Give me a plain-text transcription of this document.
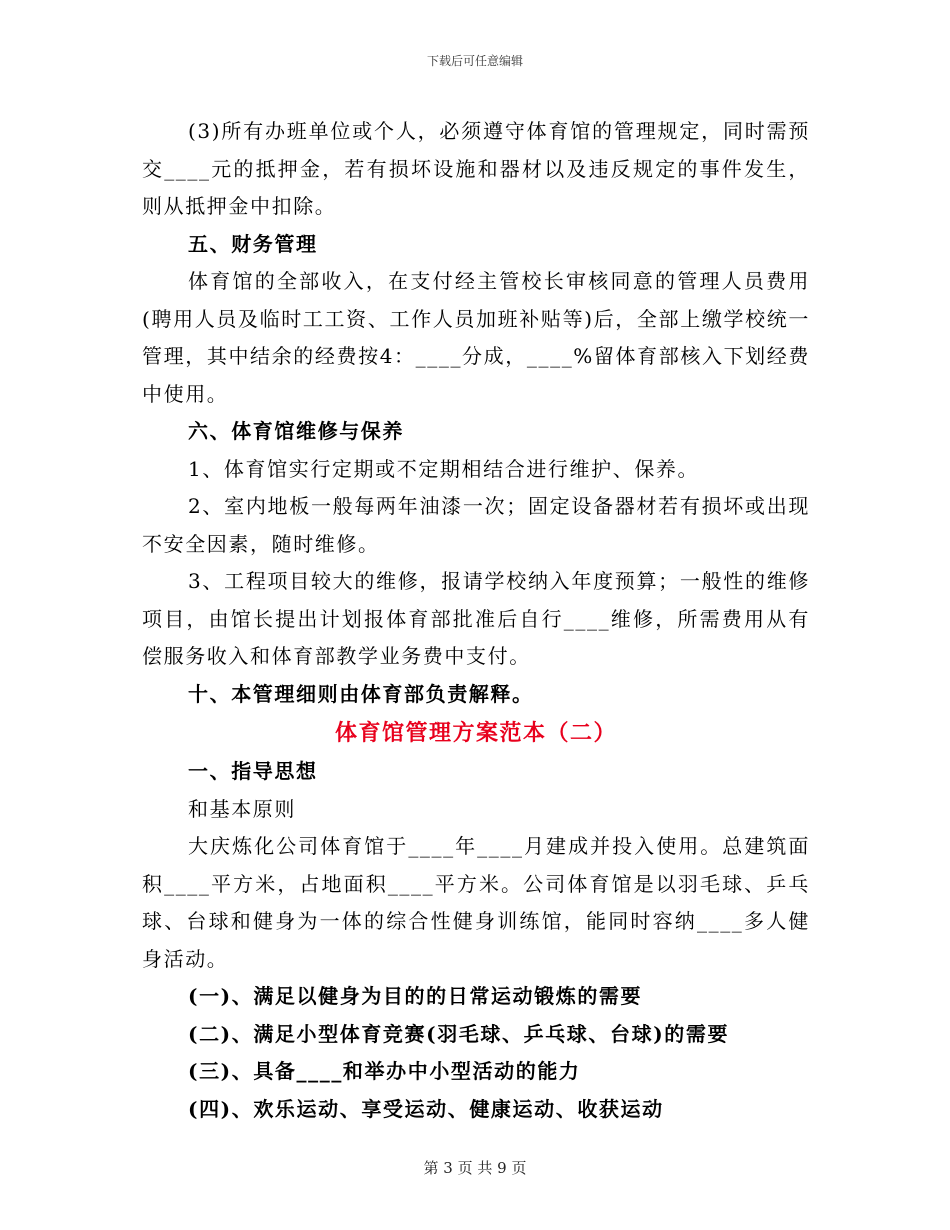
下载后可任意编辑

(3)所有办班单位或个人，必须遵守体育馆的管理规定，同时需预交____元的抵押金，若有损坏设施和器材以及违反规定的事件发生，则从抵押金中扣除。

五、财务管理

体育馆的全部收入，在支付经主管校长审核同意的管理人员费用(聘用人员及临时工工资、工作人员加班补贴等)后，全部上缴学校统一管理，其中结余的经费按4：____分成，____%留体育部核入下划经费中使用。

六、体育馆维修与保养

1、体育馆实行定期或不定期相结合进行维护、保养。

2、室内地板一般每两年油漆一次；固定设备器材若有损坏或出现不安全因素，随时维修。

3、工程项目较大的维修，报请学校纳入年度预算；一般性的维修项目，由馆长提出计划报体育部批准后自行____维修，所需费用从有偿服务收入和体育部教学业务费中支付。

十、本管理细则由体育部负责解释。

体育馆管理方案范本（二）

一、指导思想

和基本原则

大庆炼化公司体育馆于____年____月建成并投入使用。总建筑面积____平方米，占地面积____平方米。公司体育馆是以羽毛球、乒乓球、台球和健身为一体的综合性健身训练馆，能同时容纳____多人健身活动。

(一)、满足以健身为目的的日常运动锻炼的需要

(二)、满足小型体育竞赛(羽毛球、乒乓球、台球)的需要

(三)、具备____和举办中小型活动的能力

(四)、欢乐运动、享受运动、健康运动、收获运动

第 3 页 共 9 页
